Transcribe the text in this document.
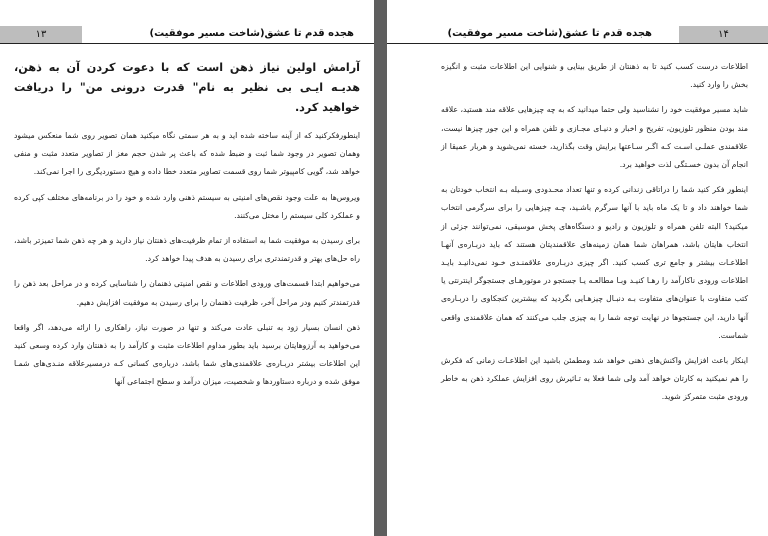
۱۳	هجده قدم تا عشق(شاخت مسیر موفقیت)

آرامش اولین نیاز ذهن است که با دعوت کردن آن به ذهن، هدیـه ایـی بی نظیر به نام" قدرت درونی من" را دریافت خواهید کرد.

اینطورفکرکنید که از آینه ساخته شده اید و به هر سمتی نگاه میکنید همان تصویر روی شما منعکس میشود وهمان تصویر در وجود شما ثبت و ضبط شده که باعث پر شدن حجم مغز از تصاویر متعدد مثبت و منفی خواهد شد، گویی کامپیوتر شما روی قسمت تصاویر متعدد خطا داده و هیچ دستوردیگری را اجرا نمی‌کند.

ویروس‌ها به علت وجود نقص‌های امنیتی به سیستم ذهنی وارد شده و خود را در برنامه‌های مختلف کپی کرده و عملکرد کلی سیستم را مختل می‌کنند.

برای رسیدن به موفقیت شما به استفاده از تمام ظرفیت‌های ذهنتان نیاز دارید و هر چه ذهن شما تمیزتر باشد، راه حل‌های بهتر و قدرتمندتری برای رسیدن به هدف پیدا خواهد کرد.

می‌خواهیم ابتدا قسمت‌های ورودی اطلاعات و نقص امنیتی ذهنمان را شناسایی کرده و در مراحل بعد ذهن را قدرتمندتر کنیم ودر مراحل آخر، ظرفیت ذهنمان را برای رسیدن به موفقیت افزایش دهیم.

ذهن انسان بسیار زود به تنبلی عادت می‌کند و تنها در صورت نیاز، راهکاری را ارائه می‌دهد، اگر واقعا می‌خواهید به آرزوهایتان برسید باید بطور مداوم اطلاعات مثبت و کارآمد را به ذهنتان وارد کرده وسعی کنید این اطلاعات بیشتر دربـاره‌ی علاقمندی‌های شما باشد، درباره‌ی کسانی کـه درمسیرعلاقه منـدی‌های شمـا موفق شده و درباره دستاوردها و شخصیت، میزان درآمد و سطح اجتماعی آنها

هجده قدم تا عشق(شاخت مسیر موفقیت)	۱۴

اطلاعات درست کسب کنید تا به ذهنتان از طریق بینایی و شنوایی این اطلاعات مثبت و انگیزه بخش را وارد کنید.

شاید مسیر موفقیت خود را نشناسید ولی حتما میدانید که به چه چیزهایی علاقه مند هستید، علاقه مند بودن منظور تلوزیون، تفریح و اخبار و دنیـای مجـازی و تلفن همراه و این جور چیزها نیست، علاقمندی عملـی اسـت کـه اگـر سـاعتها برایش وقت بگذارید، خسته نمی‌شوید و هربار عمیقا از انجام آن بدون خسـتگی لذت خواهید برد.

اینطور فکر کنید شما را دراتاقی زندانی کرده و تنها تعداد محـدودی وسـیله بـه انتخاب خودتان به شما خواهند داد و تا یک ماه باید با آنها سرگرم باشـید، چـه چیزهایی را برای سرگرمی انتخاب میکنید؟ البته تلفن همراه و تلوزیون و رادیو و دستگاه‌های پخش موسیقی، نمی‌توانند جزئی از انتخاب هایتان باشد، همراهان شما همان زمینه‌های علاقمندیتان هستند که باید دربـاره‌ی آنهـا اطلاعـات بیشتر و جامع تری کسب کنید. اگر چیزی دربـاره‌ی علاقمنـدی خـود نمی‌دانیـد بایـد اطلاعات ورودی ناکارآمد را رهـا کنیـد وبـا مطالعـه یـا جستجو در موتورهـای جستجوگر اینترنتی یا کتب متفاوت با عنوان‌های متفاوت بـه دنبـال چیزهـایی بگردید که بیشترین کنجکاوی را دربـاره‌ی آنها دارید، این جستجوها در نهایت توجه شما را به چیزی جلب می‌کنند که همان علاقمندی واقعی شماست.

اینکار باعث افزایش واکنش‌های ذهنی خواهد شد ومطمئن باشید این اطلاعـات زمانی که فکرش را هم نمیکنید به کارتان خواهد آمد ولی شما فعلا به تـاثیرش روی افزایش عملکرد ذهن به خاطر ورودی مثبت متمرکز شوید.
